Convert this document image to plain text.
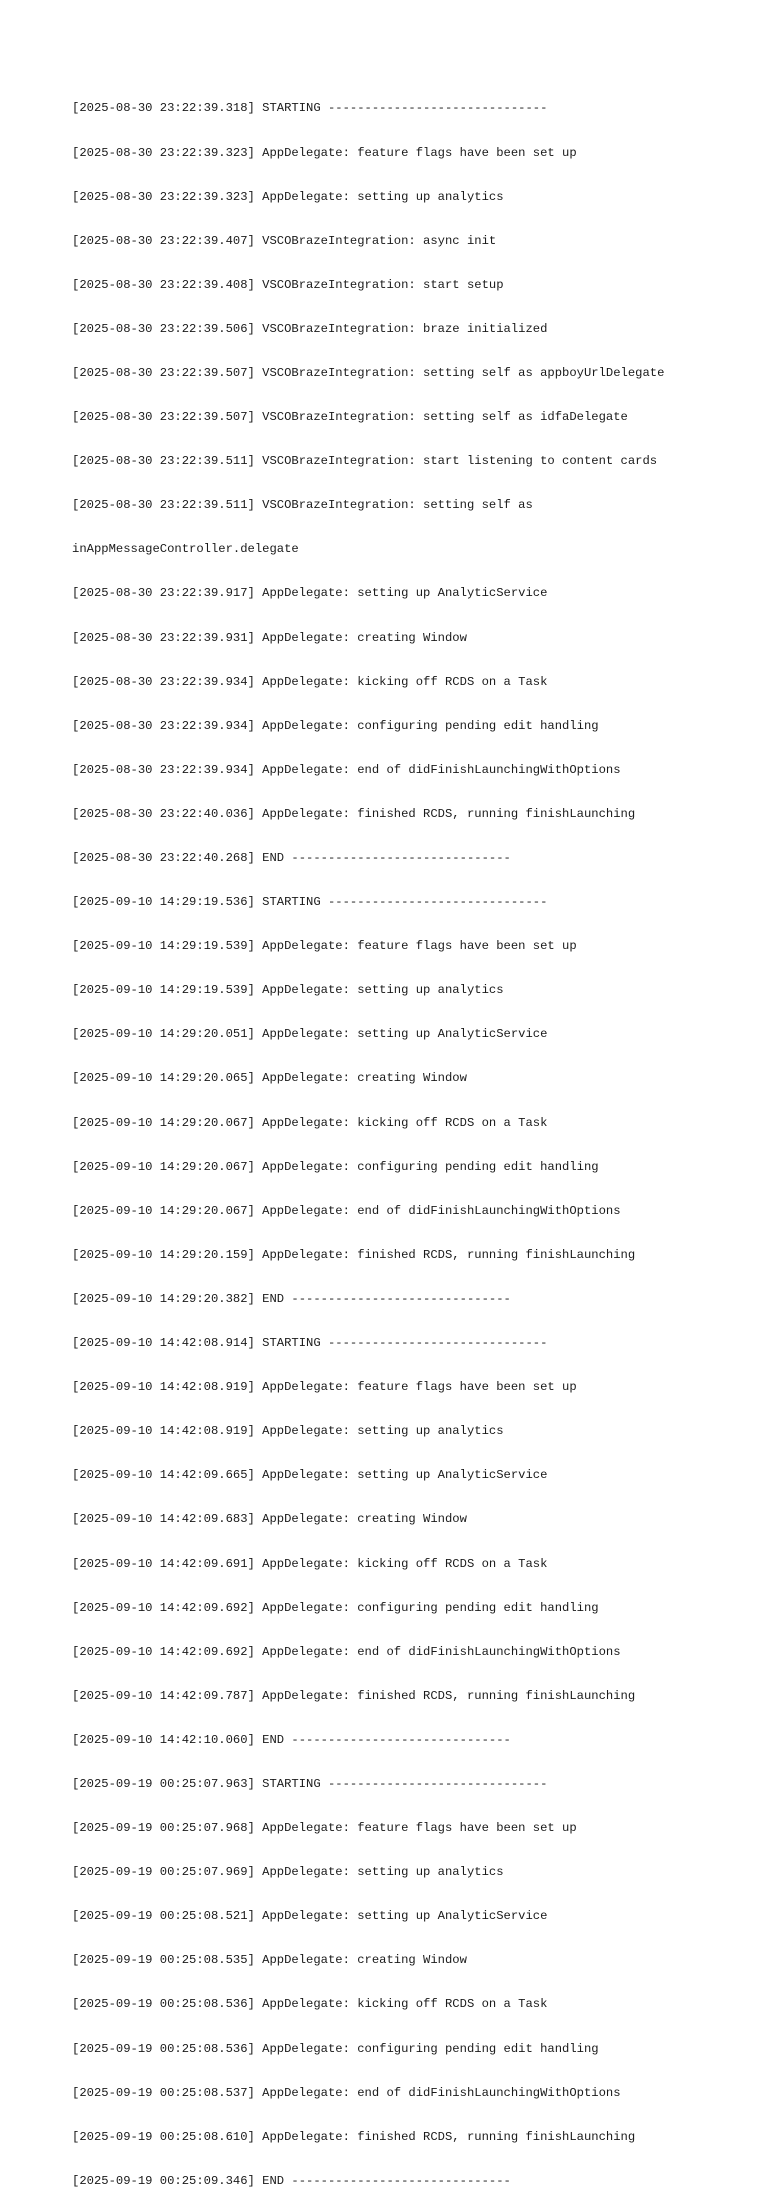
[2025-08-30 23:22:39.318] STARTING ------------------------------

[2025-08-30 23:22:39.323] AppDelegate: feature flags have been set up

[2025-08-30 23:22:39.323] AppDelegate: setting up analytics

[2025-08-30 23:22:39.407] VSCOBrazeIntegration: async init

[2025-08-30 23:22:39.408] VSCOBrazeIntegration: start setup

[2025-08-30 23:22:39.506] VSCOBrazeIntegration: braze initialized

[2025-08-30 23:22:39.507] VSCOBrazeIntegration: setting self as appboyUrlDelegate

[2025-08-30 23:22:39.507] VSCOBrazeIntegration: setting self as idfaDelegate

[2025-08-30 23:22:39.511] VSCOBrazeIntegration: start listening to content cards

[2025-08-30 23:22:39.511] VSCOBrazeIntegration: setting self as

inAppMessageController.delegate

[2025-08-30 23:22:39.917] AppDelegate: setting up AnalyticService

[2025-08-30 23:22:39.931] AppDelegate: creating Window

[2025-08-30 23:22:39.934] AppDelegate: kicking off RCDS on a Task

[2025-08-30 23:22:39.934] AppDelegate: configuring pending edit handling

[2025-08-30 23:22:39.934] AppDelegate: end of didFinishLaunchingWithOptions

[2025-08-30 23:22:40.036] AppDelegate: finished RCDS, running finishLaunching

[2025-08-30 23:22:40.268] END ------------------------------

[2025-09-10 14:29:19.536] STARTING ------------------------------

[2025-09-10 14:29:19.539] AppDelegate: feature flags have been set up

[2025-09-10 14:29:19.539] AppDelegate: setting up analytics

[2025-09-10 14:29:20.051] AppDelegate: setting up AnalyticService

[2025-09-10 14:29:20.065] AppDelegate: creating Window

[2025-09-10 14:29:20.067] AppDelegate: kicking off RCDS on a Task

[2025-09-10 14:29:20.067] AppDelegate: configuring pending edit handling

[2025-09-10 14:29:20.067] AppDelegate: end of didFinishLaunchingWithOptions

[2025-09-10 14:29:20.159] AppDelegate: finished RCDS, running finishLaunching

[2025-09-10 14:29:20.382] END ------------------------------

[2025-09-10 14:42:08.914] STARTING ------------------------------

[2025-09-10 14:42:08.919] AppDelegate: feature flags have been set up

[2025-09-10 14:42:08.919] AppDelegate: setting up analytics

[2025-09-10 14:42:09.665] AppDelegate: setting up AnalyticService

[2025-09-10 14:42:09.683] AppDelegate: creating Window

[2025-09-10 14:42:09.691] AppDelegate: kicking off RCDS on a Task

[2025-09-10 14:42:09.692] AppDelegate: configuring pending edit handling

[2025-09-10 14:42:09.692] AppDelegate: end of didFinishLaunchingWithOptions

[2025-09-10 14:42:09.787] AppDelegate: finished RCDS, running finishLaunching

[2025-09-10 14:42:10.060] END ------------------------------

[2025-09-19 00:25:07.963] STARTING ------------------------------

[2025-09-19 00:25:07.968] AppDelegate: feature flags have been set up

[2025-09-19 00:25:07.969] AppDelegate: setting up analytics

[2025-09-19 00:25:08.521] AppDelegate: setting up AnalyticService

[2025-09-19 00:25:08.535] AppDelegate: creating Window

[2025-09-19 00:25:08.536] AppDelegate: kicking off RCDS on a Task

[2025-09-19 00:25:08.536] AppDelegate: configuring pending edit handling

[2025-09-19 00:25:08.537] AppDelegate: end of didFinishLaunchingWithOptions

[2025-09-19 00:25:08.610] AppDelegate: finished RCDS, running finishLaunching

[2025-09-19 00:25:09.346] END ------------------------------
